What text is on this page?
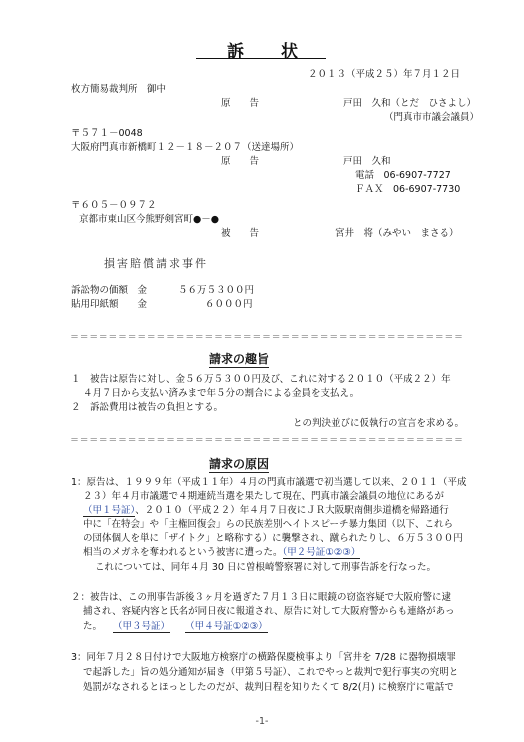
訴　　状
２０１３（平成２５）年７月１２日
枚方簡易裁判所　御中
原　　告	戸田　久和（とだ　ひさよし）
（門真市市議会議員）
〒５７１－0048
大阪府門真市新橋町１２－１８－２０７（送達場所）
原　　告	戸田　久和
電話　06-6907-7727
ＦＡＸ　06-6907-7730
〒６０５－０９７２
京都市東山区今熊野剣宮町●－●
被　　告	宮井　将（みやい　まさる）
損害賠償請求事件
訴訟物の価額　金	５６万５３００円
貼用印紙額　　金	６０００円
＝＝＝＝＝＝＝＝＝＝＝＝＝＝＝＝＝＝＝＝＝＝＝＝＝＝＝＝＝＝＝＝＝＝＝＝＝＝＝＝＝
請求の趣旨
１　被告は原告に対し、金５６万５３００円及び、これに対する２０１０（平成２２）年
４月７日から支払い済みまで年５分の割合による金員を支払え。
２　訴訟費用は被告の負担とする。
との判決並びに仮執行の宣言を求める。
＝＝＝＝＝＝＝＝＝＝＝＝＝＝＝＝＝＝＝＝＝＝＝＝＝＝＝＝＝＝＝＝＝＝＝＝＝＝＝＝＝
請求の原因
1：原告は、１９９９年（平成１１年）４月の門真市議選で初当選して以来、２０１１（平成
２３）年４月市議選で４期連続当選を果たして現在、門真市議会議員の地位にあるが
（甲１号証）、２０１０（平成２２）年４月７日夜にＪＲ大阪駅南側歩道橋を帰路通行
中に「在特会」や「主権回復会」らの民族差別ヘイトスピーチ暴力集団（以下、これら
の団体個人を単に「ザイトク」と略称する）に襲撃され、蹴られたりし、６万５３００円
相当のメガネを奪われるという被害に遭った。（甲２号証①②③）
これについては、同年４月 30 日に曽根崎警察署に対して刑事告訴を行なった。
２：被告は、この刑事告訴後３ヶ月を過ぎた７月１３日に眼鏡の窃盗容疑で大阪府警に逮
捕され、容疑内容と氏名が同日夜に報道され、原告に対して大阪府警からも連絡があっ
た。 （甲３号証） （甲４号証①②③）
3：同年７月２８日付けで大阪地方検察庁の横路保慶検事より「宮井を 7/28 に器物損壊罪
で起訴した」旨の処分通知が届き（甲第５号証）、これでやっと裁判で犯行事実の究明と
処罰がなされるとほっとしたのだが、裁判日程を知りたくて 8/2(月) に検察庁に電話で
-1-
